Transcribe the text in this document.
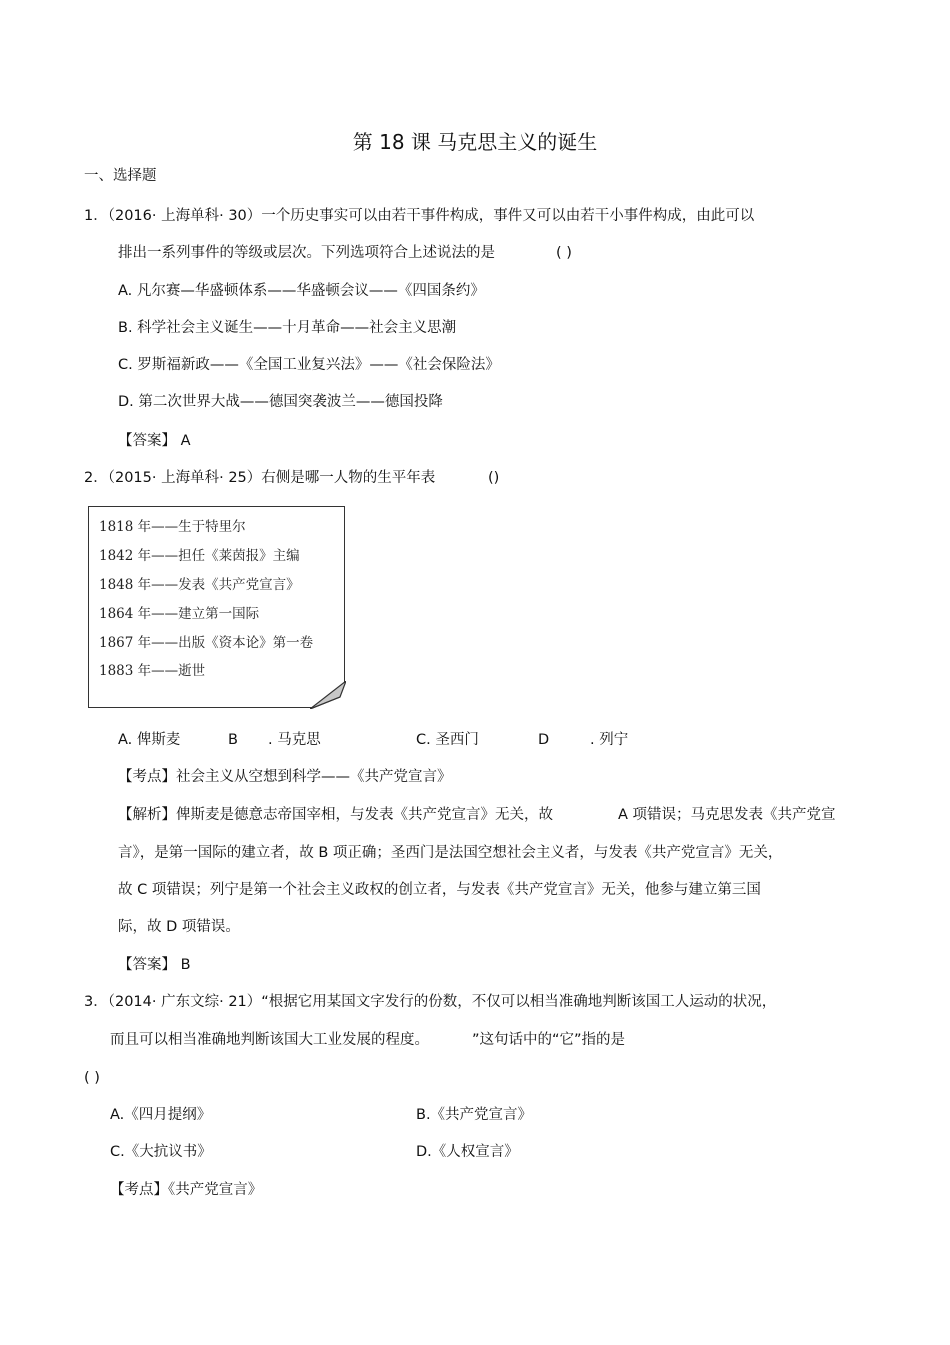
第 18 课 马克思主义的诞生
一、选择题
1．（2016· 上海单科· 30）一个历史事实可以由若干事件构成，事件又可以由若干小事件构成，由此可以
排出一系列事件的等级或层次。下列选项符合上述说法的是	( )
A. 凡尔赛—华盛顿体系——华盛顿会议——《四国条约》
B. 科学社会主义诞生——十月革命——社会主义思潮
C. 罗斯福新政——《全国工业复兴法》——《社会保险法》
D. 第二次世界大战——德国突袭波兰——德国投降
【答案】 A
2．（2015· 上海单科· 25）右侧是哪一人物的生平年表	()
1818 年——生于特里尔
1842 年——担任《莱茵报》主编
1848 年——发表《共产党宣言》
1864 年——建立第一国际
1867 年——出版《资本论》第一卷
1883 年——逝世
A. 俾斯麦	B . 马克思	C. 圣西门	D	. 列宁
【考点】社会主义从空想到科学——《共产党宣言》
【解析】俾斯麦是德意志帝国宰相，与发表《共产党宣言》无关，故	A 项错误；马克思发表《共产党宣
言》，是第一国际的建立者，故 B 项正确；圣西门是法国空想社会主义者，与发表《共产党宣言》无关，
故 C 项错误；列宁是第一个社会主义政权的创立者，与发表《共产党宣言》无关，他参与建立第三国
际，故 D 项错误。
【答案】 B
3．（2014· 广东文综· 21）“根据它用某国文字发行的份数，不仅可以相当准确地判断该国工人运动的状况，
而且可以相当准确地判断该国大工业发展的程度。	”这句话中的“它”指的是
( )
A.《四月提纲》	B.《共产党宣言》
C.《大抗议书》	D.《人权宣言》
【考点】《共产党宣言》
